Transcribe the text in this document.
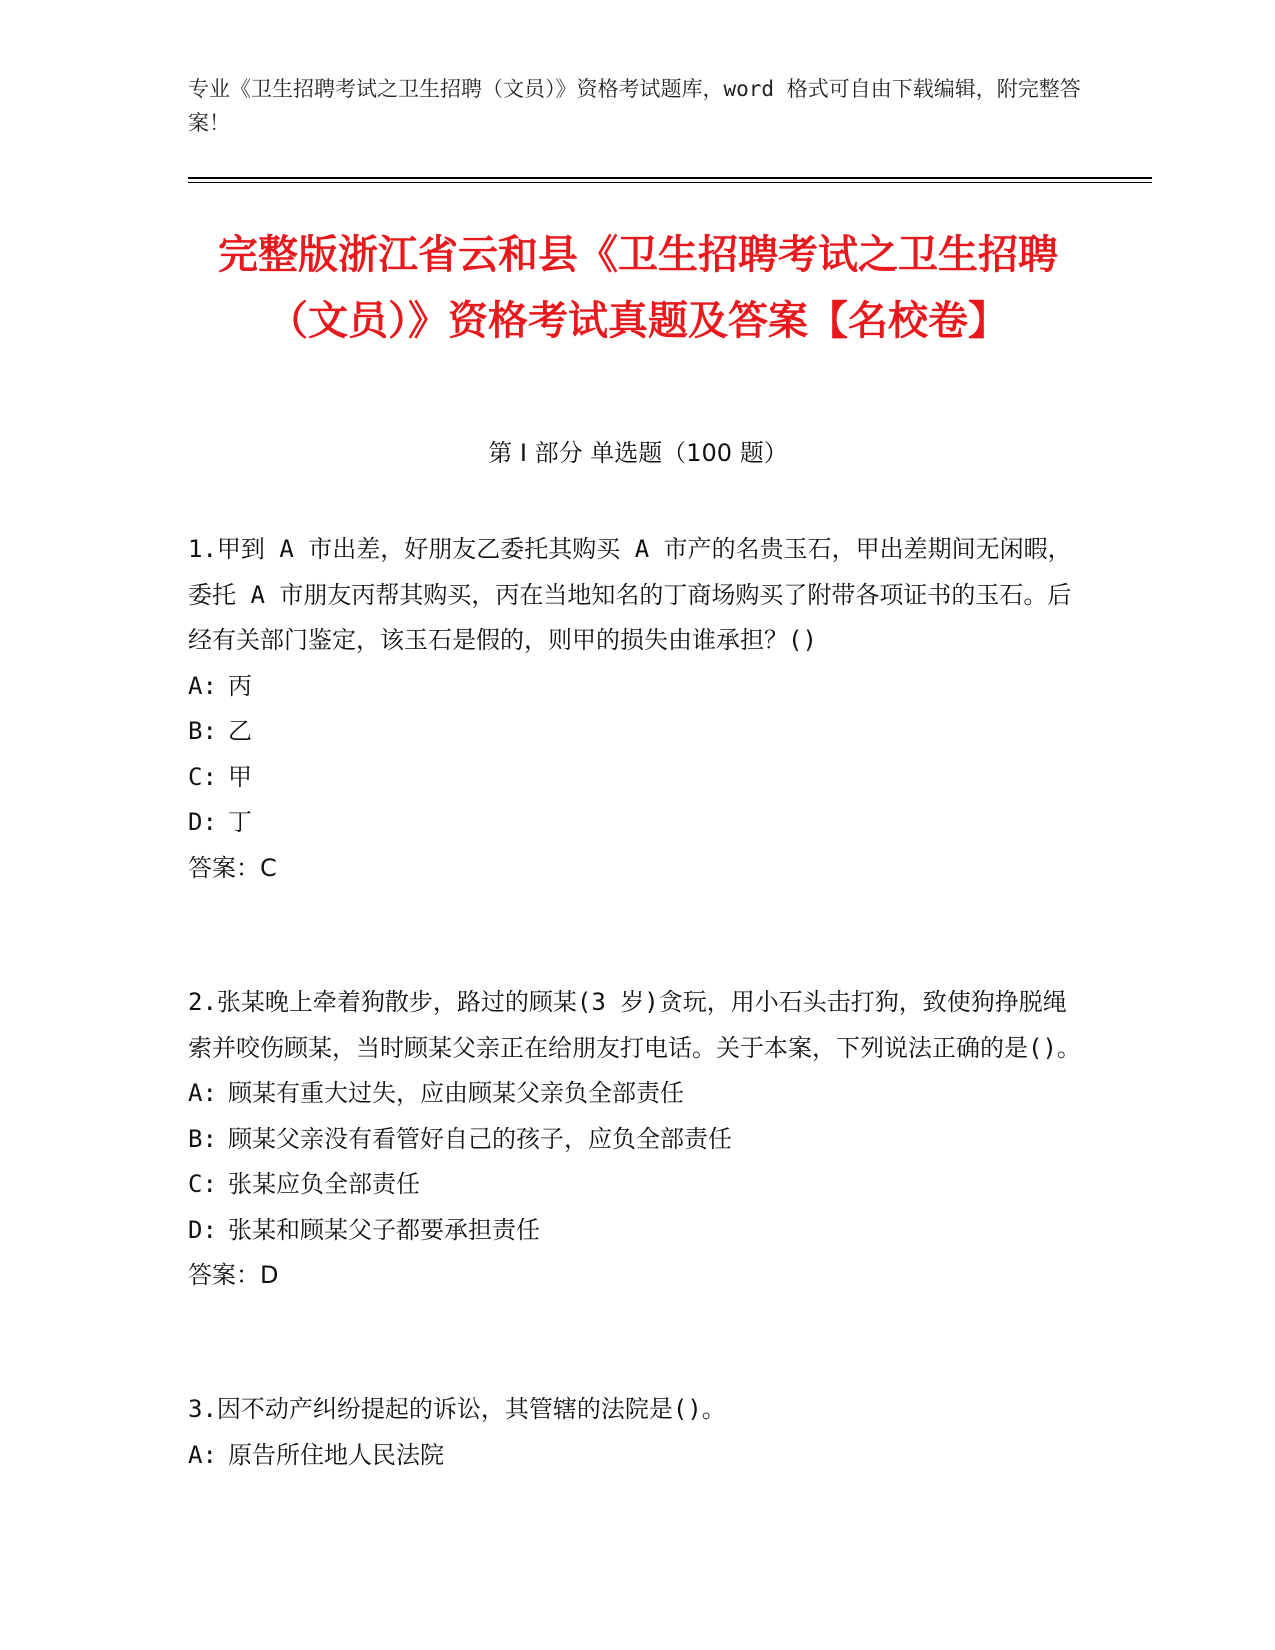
专业《卫生招聘考试之卫生招聘（文员）》资格考试题库，word 格式可自由下载编辑，附完整答案！
完整版浙江省云和县《卫生招聘考试之卫生招聘（文员）》资格考试真题及答案【名校卷】
第 I 部分 单选题（100 题）

1.甲到 A 市出差，好朋友乙委托其购买 A 市产的名贵玉石，甲出差期间无闲暇，委托 A 市朋友丙帮其购买，丙在当地知名的丁商场购买了附带各项证书的玉石。后经有关部门鉴定，该玉石是假的，则甲的损失由谁承担？()

A: 丙

B: 乙

C: 甲

D: 丁

答案：C

2.张某晚上牵着狗散步，路过的顾某(3 岁)贪玩，用小石头击打狗，致使狗挣脱绳索并咬伤顾某，当时顾某父亲正在给朋友打电话。关于本案，下列说法正确的是()。

A: 顾某有重大过失，应由顾某父亲负全部责任

B: 顾某父亲没有看管好自己的孩子，应负全部责任

C: 张某应负全部责任

D: 张某和顾某父子都要承担责任

答案：D

3.因不动产纠纷提起的诉讼，其管辖的法院是()。

A: 原告所住地人民法院
